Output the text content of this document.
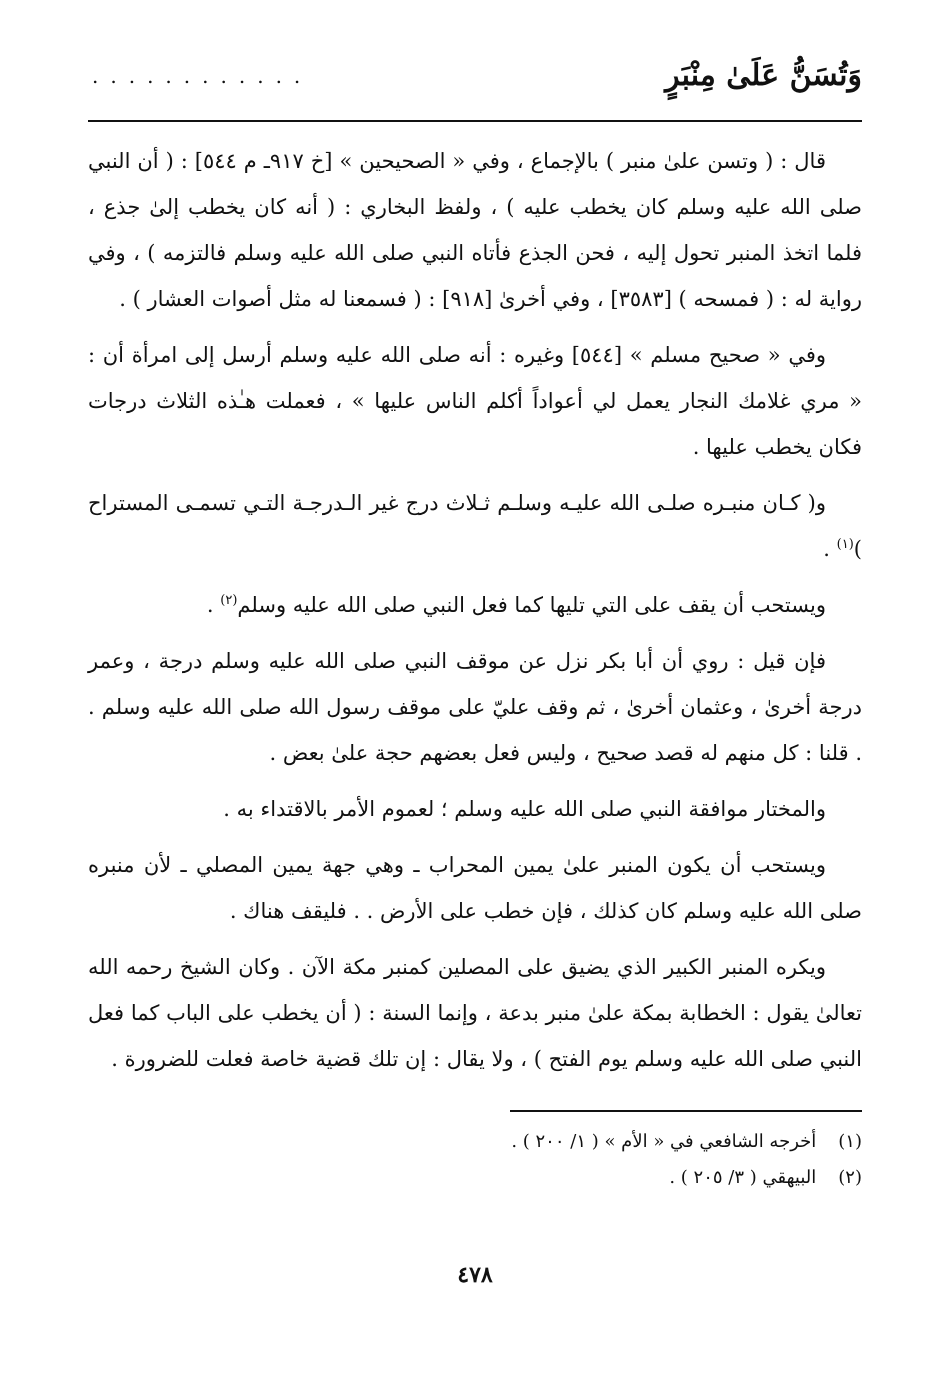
وَتُسَنُّ عَلَىٰ مِنْبَرٍ
............

قال : ( وتسن علىٰ منبر ) بالإجماع ، وفي « الصحيحين » [خ ٩١٧ـ م ٥٤٤] : ( أن النبي صلى الله عليه وسلم كان يخطب عليه ) ، ولفظ البخاري : ( أنه كان يخطب إلىٰ جذع ، فلما اتخذ المنبر تحول إليه ، فحن الجذع فأتاه النبي صلى الله عليه وسلم فالتزمه ) ، وفي رواية له : ( فمسحه ) [٣٥٨٣] ، وفي أخرىٰ [٩١٨] : ( فسمعنا له مثل أصوات العشار ) .

وفي « صحيح مسلم » [٥٤٤] وغيره : أنه صلى الله عليه وسلم أرسل إلى امرأة أن : « مري غلامك النجار يعمل لي أعواداً أكلم الناس عليها » ، فعملت هـٰذه الثلاث درجات فكان يخطب عليها .

و( كـان منبـره صلـى الله عليـه وسلـم ثـلاث درج غير الـدرجـة التـي تسمـى المستراح )$^{(١)}$ .

ويستحب أن يقف على التي تليها كما فعل النبي صلى الله عليه وسلم$^{(٢)}$ .

فإن قيل : روي أن أبا بكر نزل عن موقف النبي صلى الله عليه وسلم درجة ، وعمر درجة أخرىٰ ، وعثمان أخرىٰ ، ثم وقف عليّ على موقف رسول الله صلى الله عليه وسلم . . قلنا : كل منهم له قصد صحيح ، وليس فعل بعضهم حجة علىٰ بعض .

والمختار موافقة النبي صلى الله عليه وسلم ؛ لعموم الأمر بالاقتداء به .

ويستحب أن يكون المنبر علىٰ يمين المحراب ـ وهي جهة يمين المصلي ـ لأن منبره صلى الله عليه وسلم كان كذلك ، فإن خطب على الأرض . . فليقف هناك .

ويكره المنبر الكبير الذي يضيق على المصلين كمنبر مكة الآن . وكان الشيخ رحمه الله تعالىٰ يقول : الخطابة بمكة علىٰ منبر بدعة ، وإنما السنة : ( أن يخطب على الباب كما فعل النبي صلى الله عليه وسلم يوم الفتح ) ، ولا يقال : إن تلك قضية خاصة فعلت للضرورة .

(١) أخرجه الشافعي في « الأم » ( ١/ ٢٠٠ ) .

(٢) البيهقي ( ٣/ ٢٠٥ ) .

٤٧٨
